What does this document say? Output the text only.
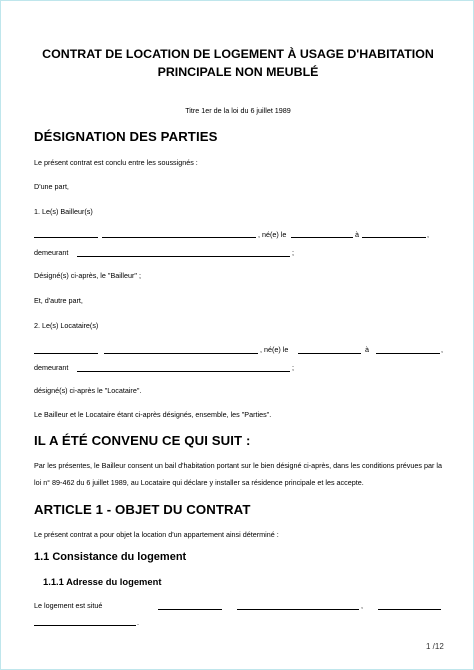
CONTRAT DE LOCATION DE LOGEMENT À USAGE D'HABITATION
PRINCIPALE NON MEUBLÉ
Titre 1er de la loi du 6 juillet 1989
DÉSIGNATION DES PARTIES
Le présent contrat est conclu entre les soussignés :
D'une part,
1. Le(s) Bailleur(s)
, né(e) le	à	,
demeurant	;
Désigné(s) ci-après, le "Bailleur" ;
Et, d'autre part,
2. Le(s) Locataire(s)
, né(e) le	à	,
demeurant	;
désigné(s) ci-après le "Locataire".
Le Bailleur et le Locataire étant ci-après désignés, ensemble, les "Parties".
IL A ÉTÉ CONVENU CE QUI SUIT :
Par les présentes, le Bailleur consent un bail d'habitation portant sur le bien désigné ci-après, dans les conditions prévues par la loi n° 89-462 du 6 juillet 1989, au Locataire qui déclare y installer sa résidence principale et les accepte.
ARTICLE 1 - OBJET DU CONTRAT
Le présent contrat a pour objet la location d'un appartement ainsi déterminé :
1.1 Consistance du logement
1.1.1 Adresse du logement
Le logement est situé	,
.
1 /12
